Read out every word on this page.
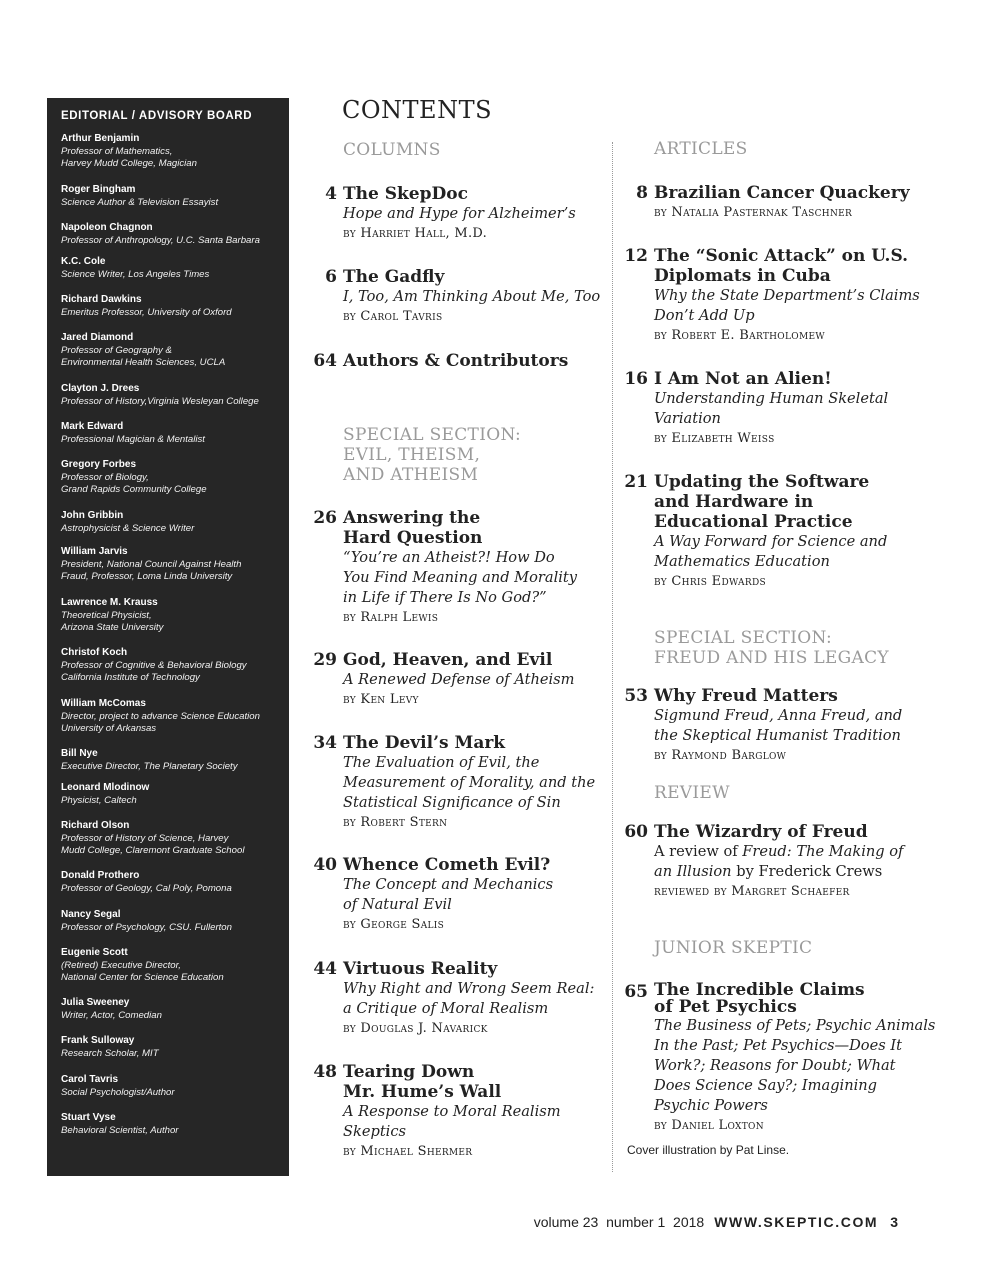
EDITORIAL / ADVISORY BOARD
Arthur Benjamin
Professor of Mathematics,
Harvey Mudd College, Magician
Roger Bingham
Science Author & Television Essayist
Napoleon Chagnon
Professor of Anthropology, U.C. Santa Barbara
K.C. Cole
Science Writer, Los Angeles Times
Richard Dawkins
Emeritus Professor, University of Oxford
Jared Diamond
Professor of Geography &
Environmental Health Sciences, UCLA
Clayton J. Drees
Professor of History,Virginia Wesleyan College
Mark Edward
Professional Magician & Mentalist
Gregory Forbes
Professor of Biology,
Grand Rapids Community College
John Gribbin
Astrophysicist & Science Writer
William Jarvis
President, National Council Against Health
Fraud, Professor, Loma Linda University
Lawrence M. Krauss
Theoretical Physicist,
Arizona State University
Christof Koch
Professor of Cognitive & Behavioral Biology
California Institute of Technology
William McComas
Director, project to advance Science Education
University of Arkansas
Bill Nye
Executive Director, The Planetary Society
Leonard Mlodinow
Physicist, Caltech
Richard Olson
Professor of History of Science, Harvey
Mudd College, Claremont Graduate School
Donald Prothero
Professor of Geology, Cal Poly, Pomona
Nancy Segal
Professor of Psychology, CSU. Fullerton
Eugenie Scott
(Retired) Executive Director,
National Center for Science Education
Julia Sweeney
Writer, Actor, Comedian
Frank Sulloway
Research Scholar, MIT
Carol Tavris
Social Psychologist/Author
Stuart Vyse
Behavioral Scientist, Author
CONTENTS
COLUMNS
SPECIAL SECTION:
EVIL, THEISM,
AND ATHEISM
ARTICLES
SPECIAL SECTION:
FREUD AND HIS LEGACY
REVIEW
JUNIOR SKEPTIC
4 The SkepDoc
Hope and Hype for Alzheimer’s
by Harriet Hall, M.D.
6 The Gadfly
I, Too, Am Thinking About Me, Too
by Carol Tavris
64 Authors & Contributors
26 Answering the
Hard Question
“You’re an Atheist?! How Do
You Find Meaning and Morality
in Life if There Is No God?”
by Ralph Lewis
29 God, Heaven, and Evil
A Renewed Defense of Atheism
by Ken Levy
34 The Devil’s Mark
The Evaluation of Evil, the
Measurement of Morality, and the
Statistical Significance of Sin
by Robert Stern
40 Whence Cometh Evil?
The Concept and Mechanics
of Natural Evil
by George Salis
44 Virtuous Reality
Why Right and Wrong Seem Real:
a Critique of Moral Realism
by Douglas J. Navarick
48 Tearing Down
Mr. Hume’s Wall
A Response to Moral Realism
Skeptics
by Michael Shermer
8 Brazilian Cancer Quackery
by Natalia Pasternak Taschner
12 The “Sonic Attack” on U.S.
Diplomats in Cuba
Why the State Department’s Claims
Don’t Add Up
by Robert E. Bartholomew
16 I Am Not an Alien!
Understanding Human Skeletal
Variation
by Elizabeth Weiss
21 Updating the Software
and Hardware in
Educational Practice
A Way Forward for Science and
Mathematics Education
by Chris Edwards
53 Why Freud Matters
Sigmund Freud, Anna Freud, and
the Skeptical Humanist Tradition
by Raymond Barglow
60 The Wizardry of Freud
A review of Freud: The Making of
an Illusion by Frederick Crews
reviewed by Margret Schaefer
65 The Incredible Claims
of Pet Psychics
The Business of Pets; Psychic Animals
In the Past; Pet Psychics—Does It
Work?; Reasons for Doubt; What
Does Science Say?; Imagining
Psychic Powers
by Daniel Loxton
Cover illustration by Pat Linse.
volume 23  number 1  2018 WWW.SKEPTIC.COM 3
